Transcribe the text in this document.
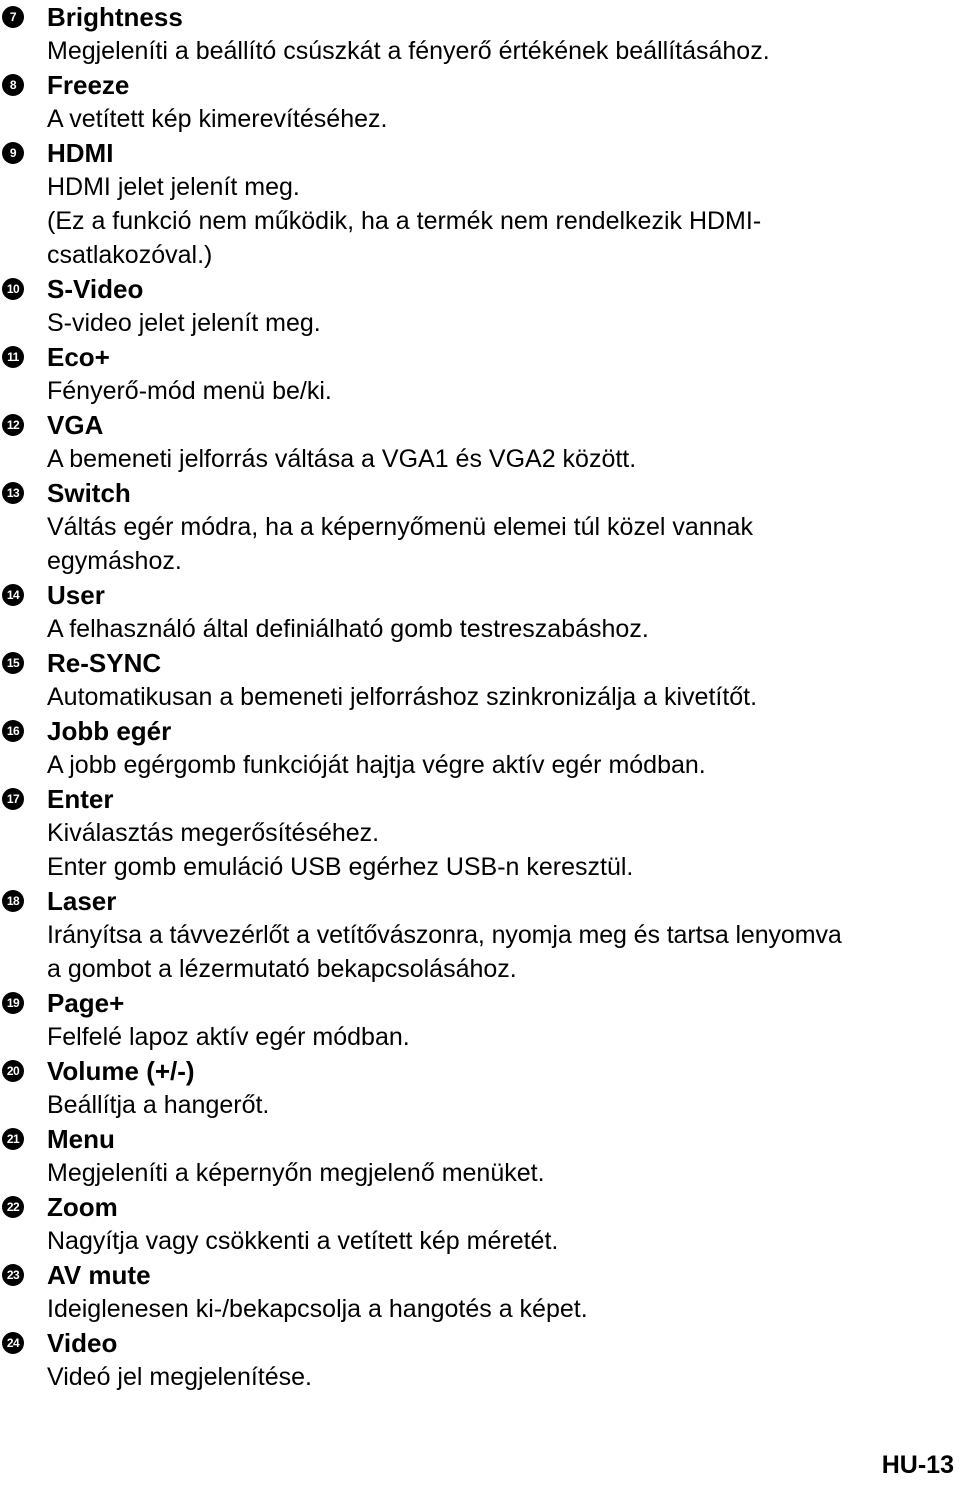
7	Brightness
Megjeleníti a beállító csúszkát a fényerő értékének beállításához.
8	Freeze
A vetített kép kimerevítéséhez.
9	HDMI
HDMI jelet jelenít meg.
(Ez a funkció nem működik, ha a termék nem rendelkezik HDMI-
csatlakozóval.)
10 S-Video
S-video jelet jelenít meg.
11 Eco+
Fényerő-mód menü be/ki.
12 VGA
A bemeneti jelforrás váltása a VGA1 és VGA2 között.
13 Switch
Váltás egér módra, ha a képernyőmenü elemei túl közel vannak
egymáshoz.
14 User
A felhasználó által definiálható gomb testreszabáshoz.
15 Re-SYNC
Automatikusan a bemeneti jelforráshoz szinkronizálja a kivetítőt.
16 Jobb egér
A jobb egérgomb funkcióját hajtja végre aktív egér módban.
17 Enter
Kiválasztás megerősítéséhez.
Enter gomb emuláció USB egérhez USB-n keresztül.
18 Laser
Irányítsa a távvezérlőt a vetítővászonra, nyomja meg és tartsa lenyomva
a gombot a lézermutató bekapcsolásához.
19 Page+
Felfelé lapoz aktív egér módban.
20 Volume (+/-)
Beállítja a hangerőt.
21 Menu
Megjeleníti a képernyőn megjelenő menüket.
22 Zoom
Nagyítja vagy csökkenti a vetített kép méretét.
23 AV mute
Ideiglenesen ki-/bekapcsolja a hangotés a képet.
24 Video
Videó jel megjelenítése.
HU-13
